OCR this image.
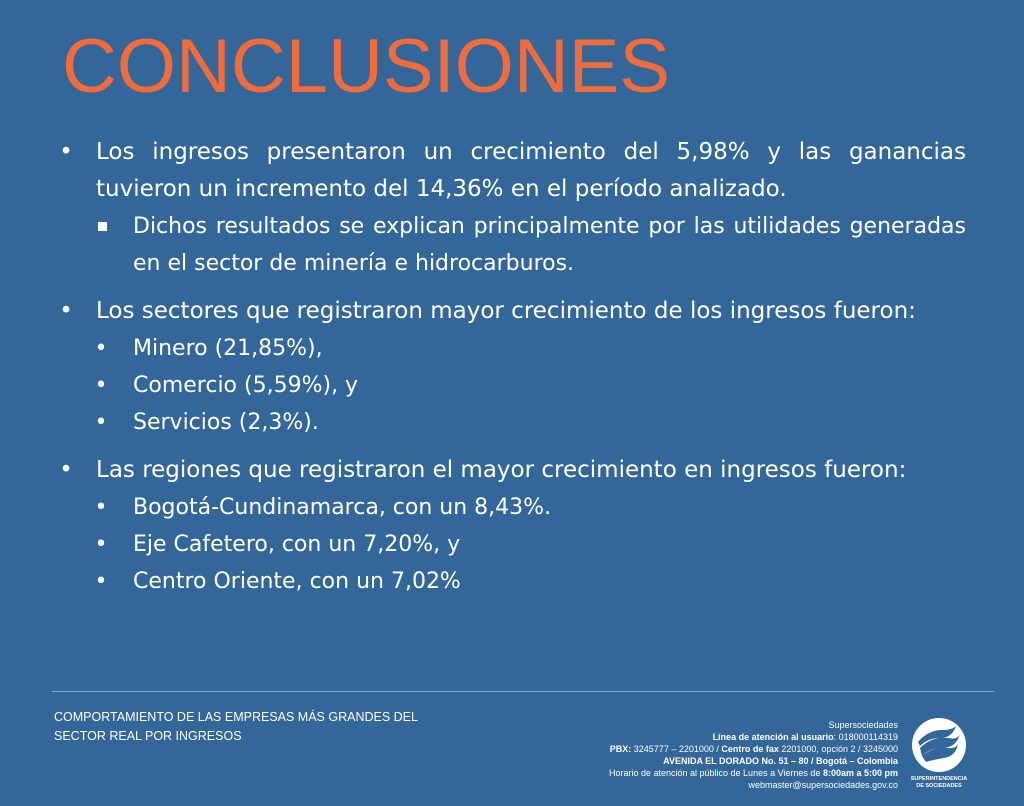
CONCLUSIONES
• Los ingresos presentaron un crecimiento del 5,98% y las ganancias tuvieron un incremento del 14,36% en el período analizado.
Dichos resultados se explican principalmente por las utilidades generadas en el sector de minería e hidrocarburos.
• Los sectores que registraron mayor crecimiento de los ingresos fueron:
• Minero (21,85%),
• Comercio (5,59%), y
• Servicios (2,3%).
• Las regiones que registraron el mayor crecimiento en ingresos fueron:
• Bogotá-Cundinamarca, con un 8,43%.
• Eje Cafetero, con un 7,20%, y
• Centro Oriente, con un 7,02%
COMPORTAMIENTO DE LAS EMPRESAS MÁS GRANDES DEL
SECTOR REAL POR INGRESOS
Supersociedades
Línea de atención al usuario: 018000114319
PBX: 3245777 – 2201000 / Centro de fax 2201000, opción 2 / 3245000
AVENIDA EL DORADO No. 51 – 80 / Bogotá – Colombia
Horario de atención al público de Lunes a Viernes de 8:00am a 5:00 pm
webmaster@supersociedades.gov.co
SUPERINTENDENCIA
DE SOCIEDADES
